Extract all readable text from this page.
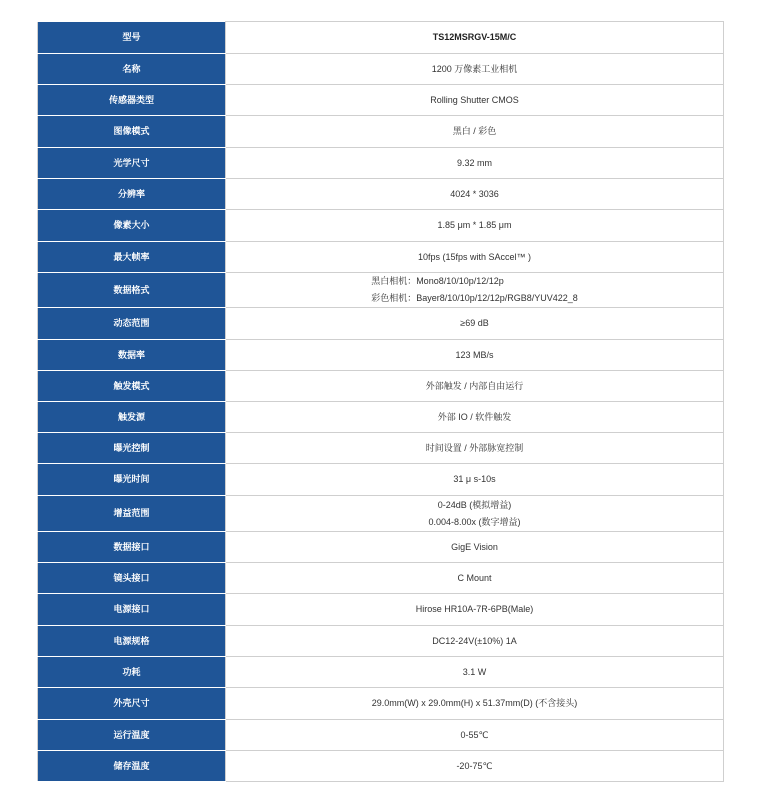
型号	TS12MSRGV-15M/C
名称	1200 万像素工业相机
传感器类型	Rolling Shutter CMOS
图像模式	黑白 / 彩色
光学尺寸	9.32 mm
分辨率	4024 * 3036
像素大小	1.85 μm * 1.85 μm
最大帧率	10fps (15fps with SAccel™ )
数据格式	黑白相机：Mono8/10/10p/12/12p
彩色相机：Bayer8/10/10p/12/12p/RGB8/YUV422_8

动态范围	≥69 dB
数据率	123 MB/s
触发模式	外部触发 / 内部自由运行
触发源	外部 IO / 软件触发
曝光控制	时间设置 / 外部脉宽控制
曝光时间	31 μ s-10s
增益范围	0-24dB (模拟增益)
0.004-8.00x (数字增益)

数据接口	GigE Vision
镜头接口	C Mount
电源接口	Hirose HR10A-7R-6PB(Male)
电源规格	DC12-24V(±10%) 1A
功耗	3.1 W
外壳尺寸	29.0mm(W) x 29.0mm(H) x 51.37mm(D) (不含接头)
运行温度	0-55℃
储存温度	-20-75℃
